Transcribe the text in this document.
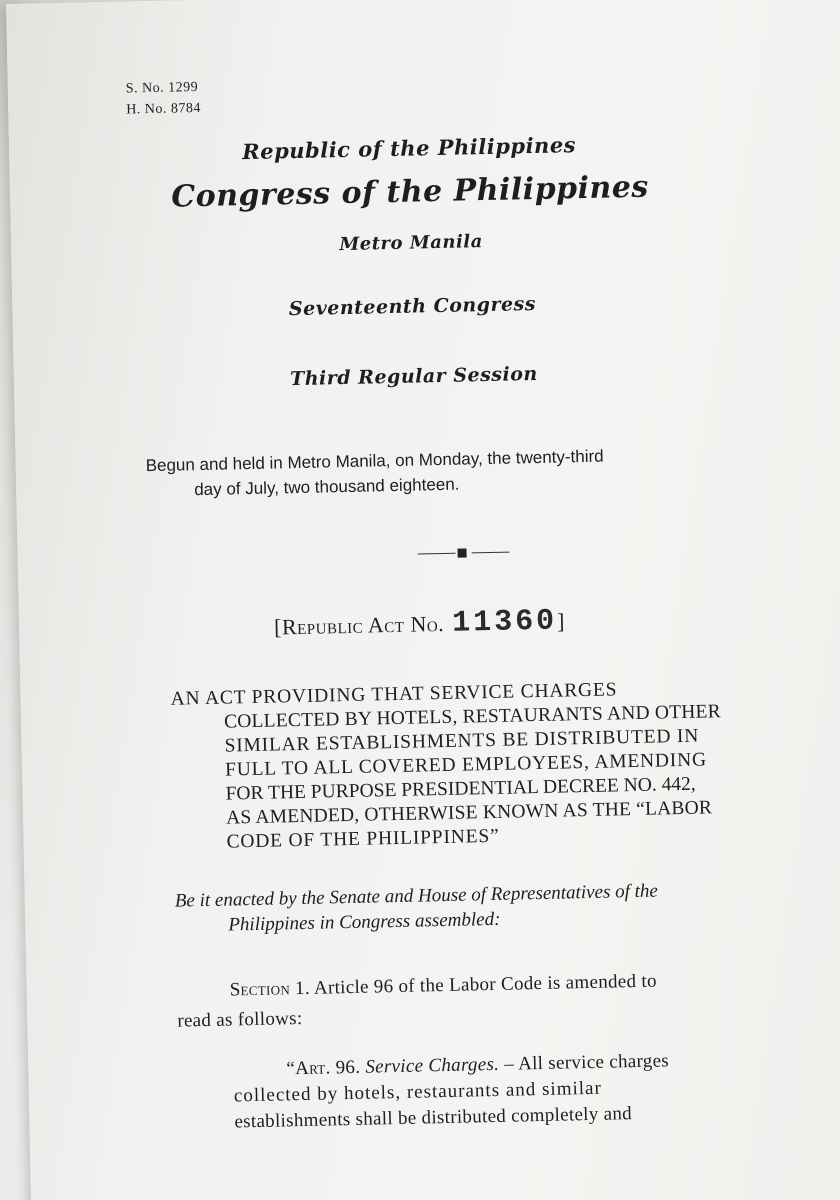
S. No. 1299
H. No. 8784
Republic of the Philippines
Congress of the Philippines
Metro Manila
Seventeenth Congress
Third Regular Session
Begun and held in Metro Manila, on Monday, the twenty-third
day of July, two thousand eighteen.
[Republic Act No. 11360]
AN ACT PROVIDING THAT SERVICE CHARGES
COLLECTED BY HOTELS, RESTAURANTS AND OTHER
SIMILAR ESTABLISHMENTS BE DISTRIBUTED IN
FULL TO ALL COVERED EMPLOYEES, AMENDING
FOR THE PURPOSE PRESIDENTIAL DECREE NO. 442,
AS AMENDED, OTHERWISE KNOWN AS THE “LABOR
CODE OF THE PHILIPPINES”
Be it enacted by the Senate and House of Representatives of the
Philippines in Congress assembled:
Section 1. Article 96 of the Labor Code is amended to
read as follows:
“Art. 96. Service Charges. – All service charges
collected by hotels, restaurants and similar
establishments shall be distributed completely and
